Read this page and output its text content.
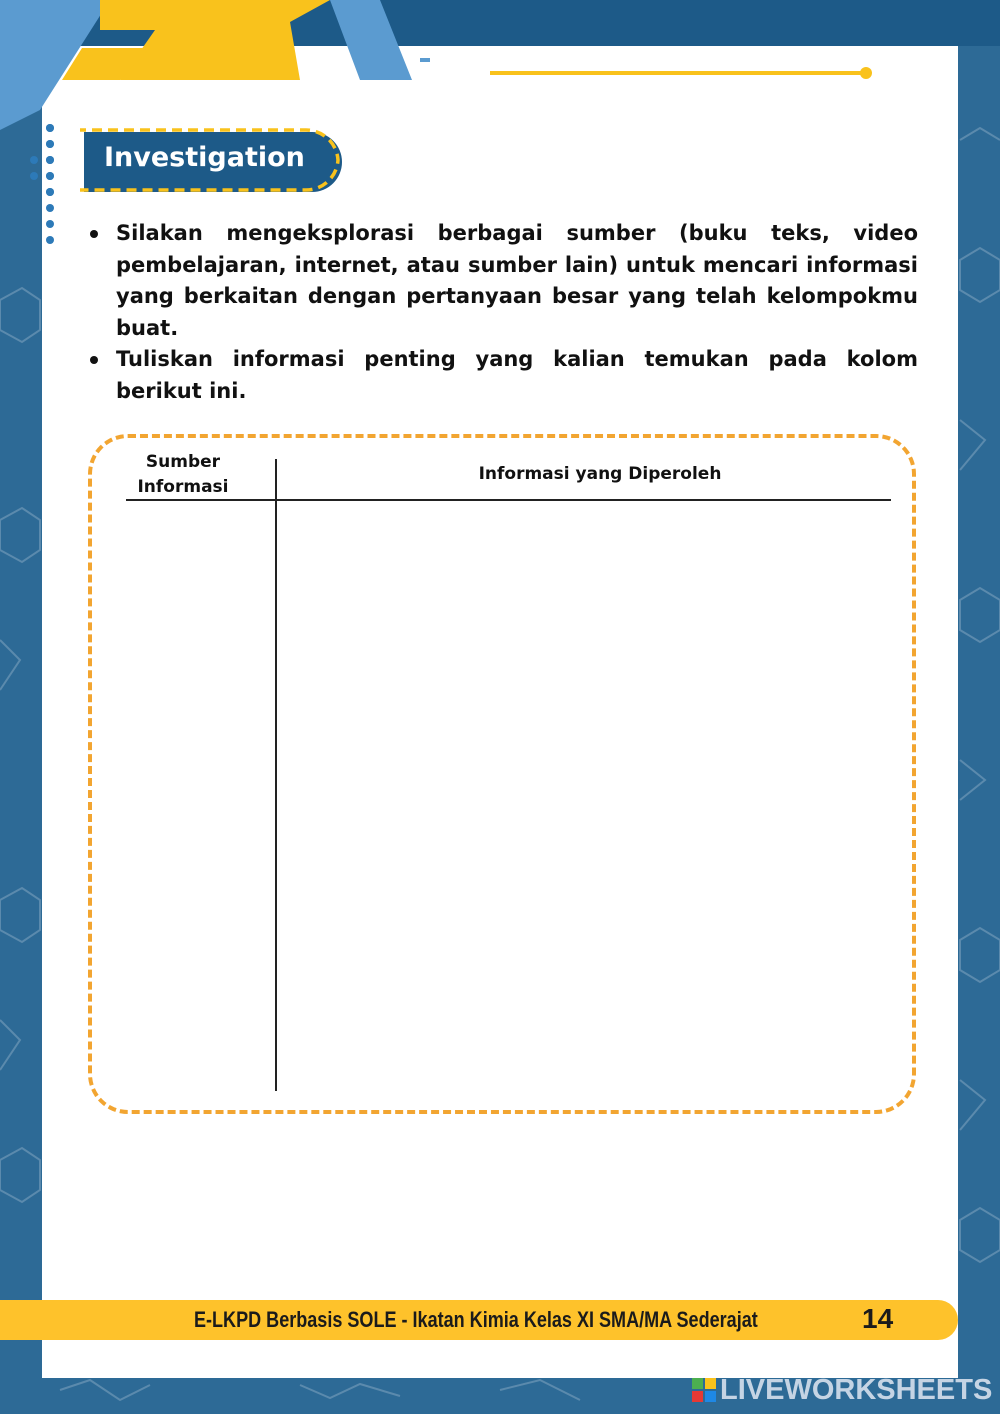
Investigation
Silakan mengeksplorasi berbagai sumber (buku teks, video pembelajaran, internet, atau sumber lain) untuk mencari informasi yang berkaitan dengan pertanyaan besar yang telah kelompokmu buat.
Tuliskan informasi penting yang kalian temukan pada kolom berikut ini.
Sumber Informasi
Informasi yang Diperoleh
E-LKPD Berbasis SOLE - Ikatan Kimia Kelas XI SMA/MA Sederajat	14
LIVEWORKSHEETS
